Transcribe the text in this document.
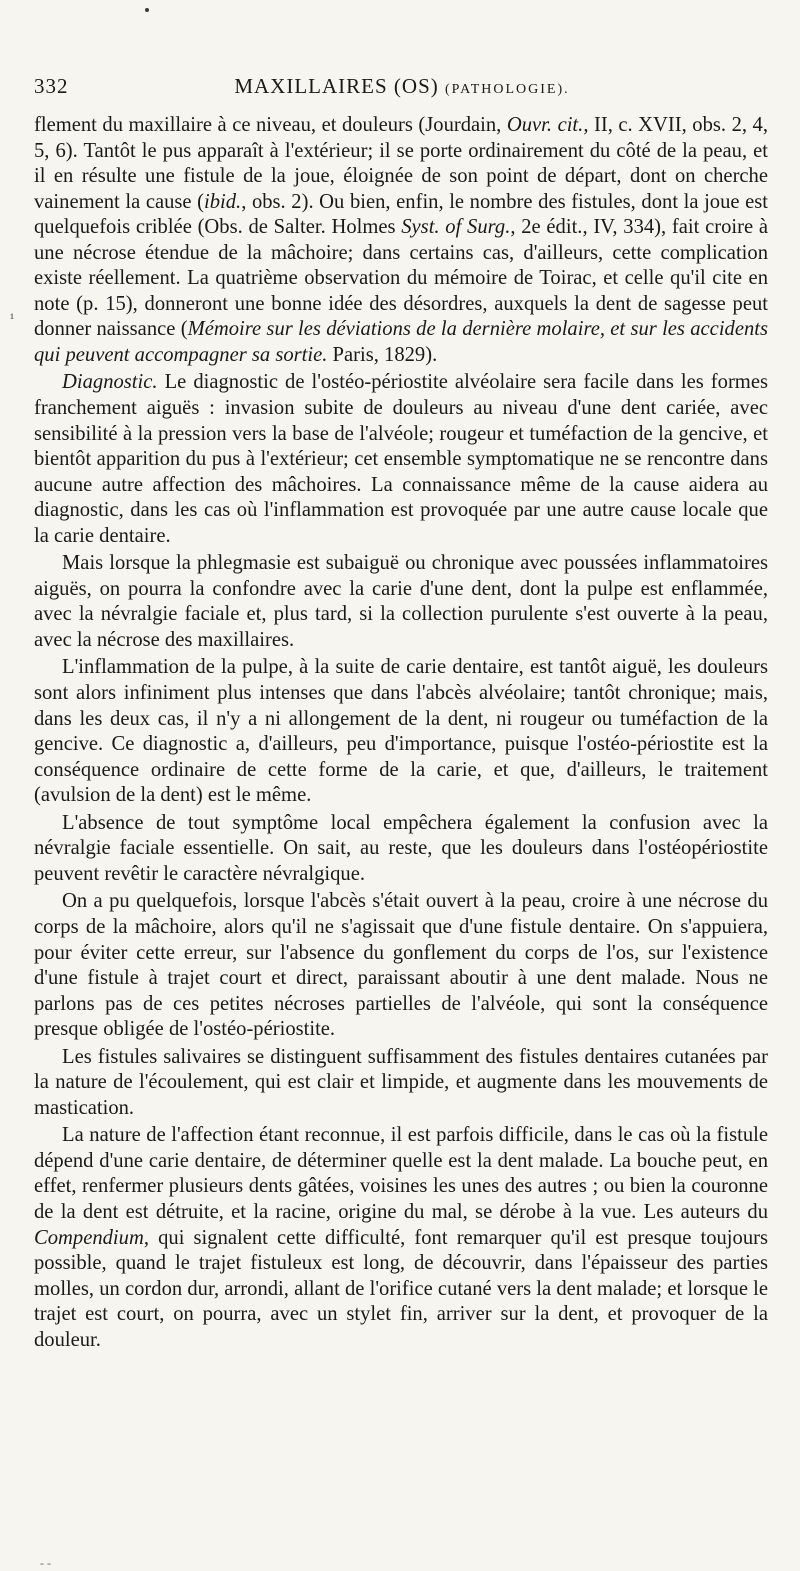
¹
332	MAXILLAIRES (OS) (PATHOLOGIE).

flement du maxillaire à ce niveau, et douleurs (Jourdain, Ouvr. cit., II, c. XVII, obs. 2, 4, 5, 6). Tantôt le pus apparaît à l'extérieur; il se porte ordinairement du côté de la peau, et il en résulte une fistule de la joue, éloignée de son point de départ, dont on cherche vainement la cause (ibid., obs. 2). Ou bien, enfin, le nombre des fistules, dont la joue est quelquefois criblée (Obs. de Salter. Holmes Syst. of Surg., 2e édit., IV, 334), fait croire à une nécrose étendue de la mâchoire; dans certains cas, d'ailleurs, cette complication existe réellement. La quatrième observation du mémoire de Toirac, et celle qu'il cite en note (p. 15), donneront une bonne idée des désordres, auxquels la dent de sagesse peut donner naissance (Mémoire sur les déviations de la dernière molaire, et sur les accidents qui peuvent accompagner sa sortie. Paris, 1829).

Diagnostic. Le diagnostic de l'ostéo-périostite alvéolaire sera facile dans les formes franchement aiguës : invasion subite de douleurs au niveau d'une dent cariée, avec sensibilité à la pression vers la base de l'alvéole; rougeur et tuméfaction de la gencive, et bientôt apparition du pus à l'extérieur; cet ensemble symptomatique ne se rencontre dans aucune autre affection des mâchoires. La connaissance même de la cause aidera au diagnostic, dans les cas où l'inflammation est provoquée par une autre cause locale que la carie dentaire.

Mais lorsque la phlegmasie est subaiguë ou chronique avec poussées inflammatoires aiguës, on pourra la confondre avec la carie d'une dent, dont la pulpe est enflammée, avec la névralgie faciale et, plus tard, si la collection purulente s'est ouverte à la peau, avec la nécrose des maxillaires.

L'inflammation de la pulpe, à la suite de carie dentaire, est tantôt aiguë, les douleurs sont alors infiniment plus intenses que dans l'abcès alvéolaire; tantôt chronique; mais, dans les deux cas, il n'y a ni allongement de la dent, ni rougeur ou tuméfaction de la gencive. Ce diagnostic a, d'ailleurs, peu d'importance, puisque l'ostéo-périostite est la conséquence ordinaire de cette forme de la carie, et que, d'ailleurs, le traitement (avulsion de la dent) est le même.

L'absence de tout symptôme local empêchera également la confusion avec la névralgie faciale essentielle. On sait, au reste, que les douleurs dans l'ostéopériostite peuvent revêtir le caractère névralgique.

On a pu quelquefois, lorsque l'abcès s'était ouvert à la peau, croire à une nécrose du corps de la mâchoire, alors qu'il ne s'agissait que d'une fistule dentaire. On s'appuiera, pour éviter cette erreur, sur l'absence du gonflement du corps de l'os, sur l'existence d'une fistule à trajet court et direct, paraissant aboutir à une dent malade. Nous ne parlons pas de ces petites nécroses partielles de l'alvéole, qui sont la conséquence presque obligée de l'ostéo-périostite.

Les fistules salivaires se distinguent suffisamment des fistules dentaires cutanées par la nature de l'écoulement, qui est clair et limpide, et augmente dans les mouvements de mastication.

La nature de l'affection étant reconnue, il est parfois difficile, dans le cas où la fistule dépend d'une carie dentaire, de déterminer quelle est la dent malade. La bouche peut, en effet, renfermer plusieurs dents gâtées, voisines les unes des autres ; ou bien la couronne de la dent est détruite, et la racine, origine du mal, se dérobe à la vue. Les auteurs du Compendium, qui signalent cette difficulté, font remarquer qu'il est presque toujours possible, quand le trajet fistuleux est long, de découvrir, dans l'épaisseur des parties molles, un cordon dur, arrondi, allant de l'orifice cutané vers la dent malade; et lorsque le trajet est court, on pourra, avec un stylet fin, arriver sur la dent, et provoquer de la douleur.

- -
